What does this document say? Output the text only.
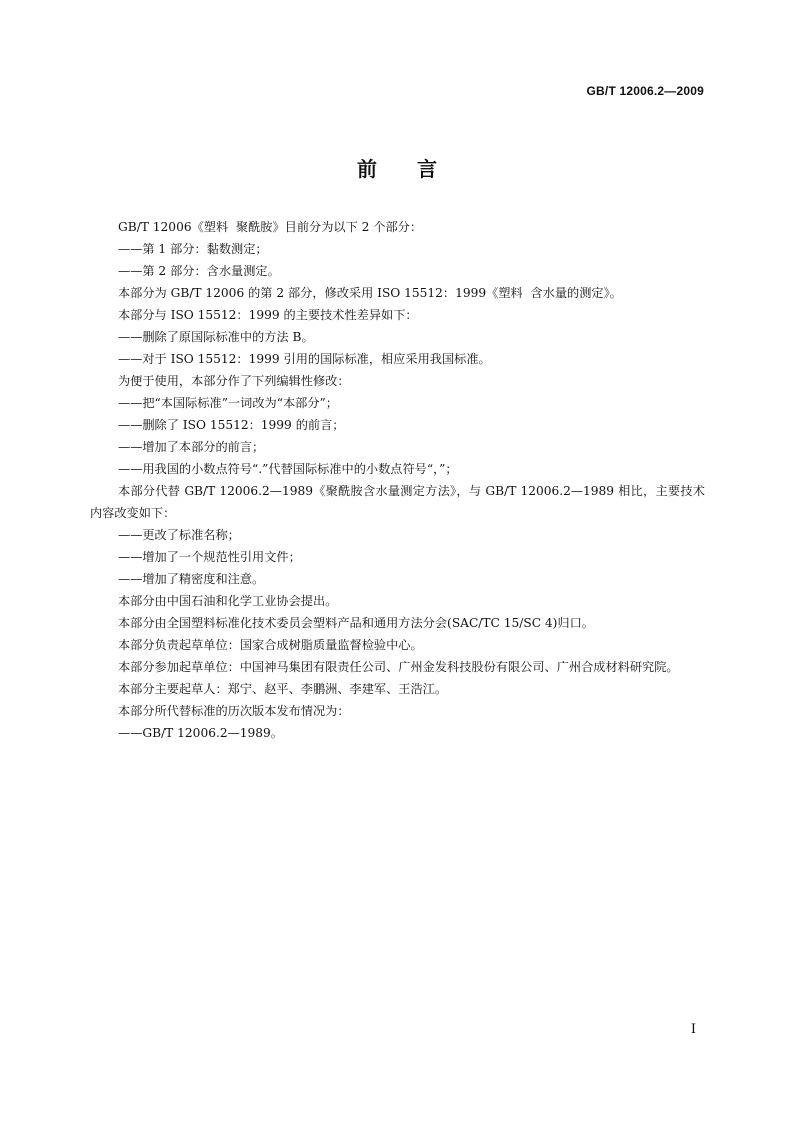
GB/T 12006.2—2009
前言

GB/T 12006《塑料  聚酰胺》目前分为以下 2 个部分：

——第 1 部分：黏数测定；

——第 2 部分：含水量测定。

本部分为 GB/T 12006 的第 2 部分，修改采用 ISO 15512：1999《塑料  含水量的测定》。

本部分与 ISO 15512：1999 的主要技术性差异如下：

——删除了原国际标准中的方法 B。

——对于 ISO 15512：1999 引用的国际标准，相应采用我国标准。

为便于使用，本部分作了下列编辑性修改：

——把“本国际标准”一词改为“本部分”；

——删除了 ISO 15512：1999 的前言；

——增加了本部分的前言；

——用我国的小数点符号“.”代替国际标准中的小数点符号“，”；

本部分代替 GB/T 12006.2—1989《聚酰胺含水量测定方法》，与 GB/T 12006.2—1989 相比，主要技术内容改变如下：

——更改了标准名称；

——增加了一个规范性引用文件；

——增加了精密度和注意。

本部分由中国石油和化学工业协会提出。

本部分由全国塑料标准化技术委员会塑料产品和通用方法分会(SAC/TC 15/SC 4)归口。

本部分负责起草单位：国家合成树脂质量监督检验中心。

本部分参加起草单位：中国神马集团有限责任公司、广州金发科技股份有限公司、广州合成材料研究院。

本部分主要起草人：郑宁、赵平、李鹏洲、李建军、王浩江。

本部分所代替标准的历次版本发布情况为：

——GB/T 12006.2—1989。

I
